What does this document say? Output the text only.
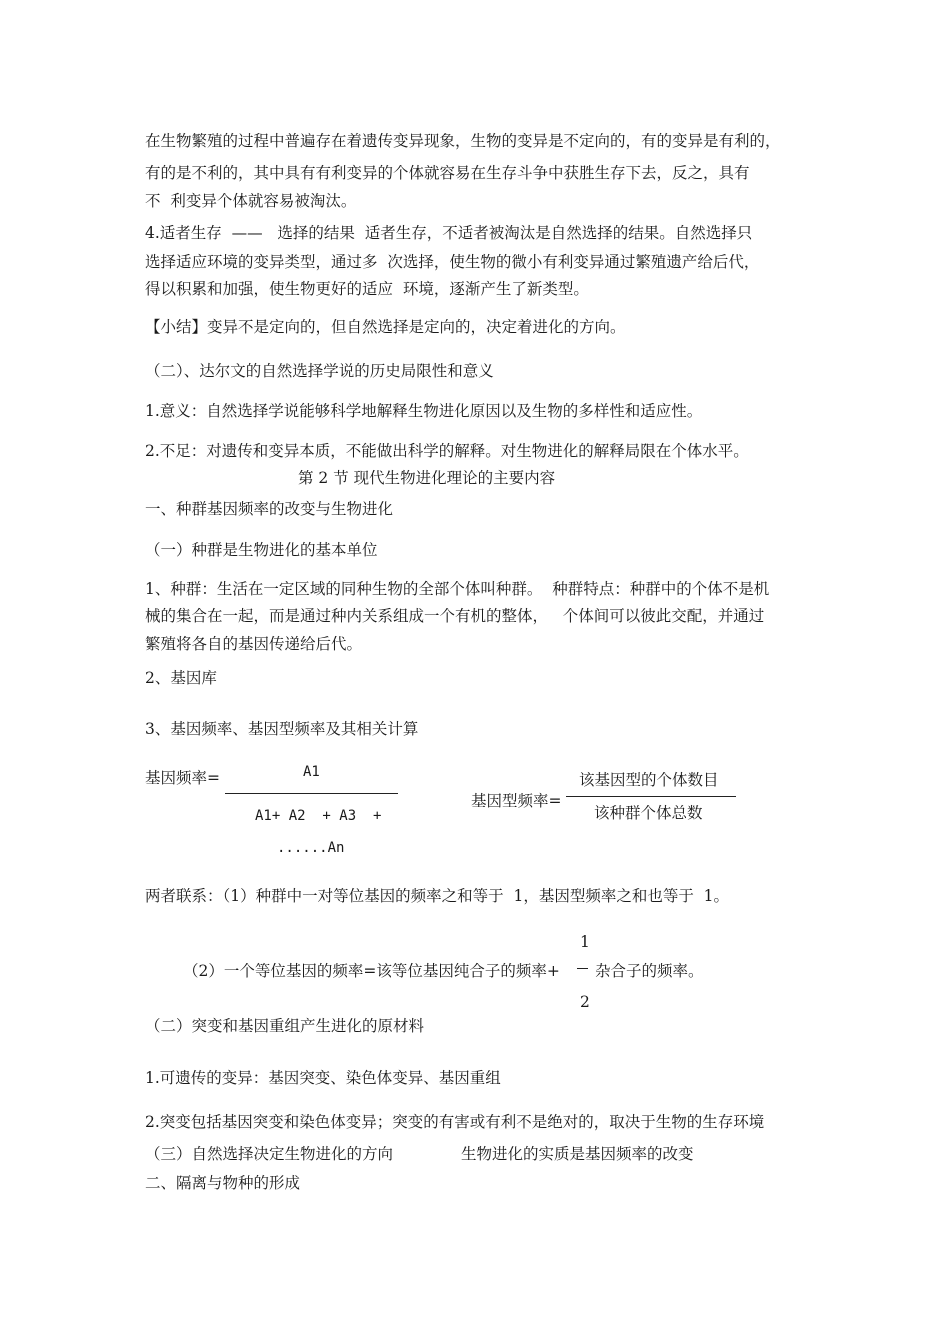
在生物繁殖的过程中普遍存在着遗传变异现象，生物的变异是不定向的，有的变异是有利的，
有的是不利的，其中具有有利变异的个体就容易在生存斗争中获胜生存下去，反之，具有
不  利变异个体就容易被淘汰。
4.适者生存  ——   选择的结果  适者生存，不适者被淘汰是自然选择的结果。自然选择只
选择适应环境的变异类型，通过多  次选择，使生物的微小有利变异通过繁殖遗产给后代，
得以积累和加强，使生物更好的适应  环境，逐渐产生了新类型。
【小结】变异不是定向的，但自然选择是定向的，决定着进化的方向。
（二）、达尔文的自然选择学说的历史局限性和意义
1.意义：自然选择学说能够科学地解释生物进化原因以及生物的多样性和适应性。
2.不足：对遗传和变异本质，不能做出科学的解释。对生物进化的解释局限在个体水平。
第 2 节 现代生物进化理论的主要内容
一、种群基因频率的改变与生物进化
（一）种群是生物进化的基本单位
1、种群：生活在一定区域的同种生物的全部个体叫种群。  种群特点：种群中的个体不是机
械的集合在一起，而是通过种内关系组成一个有机的整体，   个体间可以彼此交配，并通过
繁殖将各自的基因传递给后代。
2、基因库
3、基因频率、基因型频率及其相关计算
基因频率=	A1
A1+ A2  + A3  +
......An
基因型频率=
该基因型的个体数目
该种群个体总数
两者联系：（1）种群中一对等位基因的频率之和等于  1，基因型频率之和也等于  1。
1
（2）一个等位基因的频率=该等位基因纯合子的频率+ 杂合子的频率。
2
（二）突变和基因重组产生进化的原材料
1.可遗传的变异：基因突变、染色体变异、基因重组
2.突变包括基因突变和染色体变异；突变的有害或有利不是绝对的，取决于生物的生存环境
（三）自然选择决定生物进化的方向	生物进化的实质是基因频率的改变
二、隔离与物种的形成
